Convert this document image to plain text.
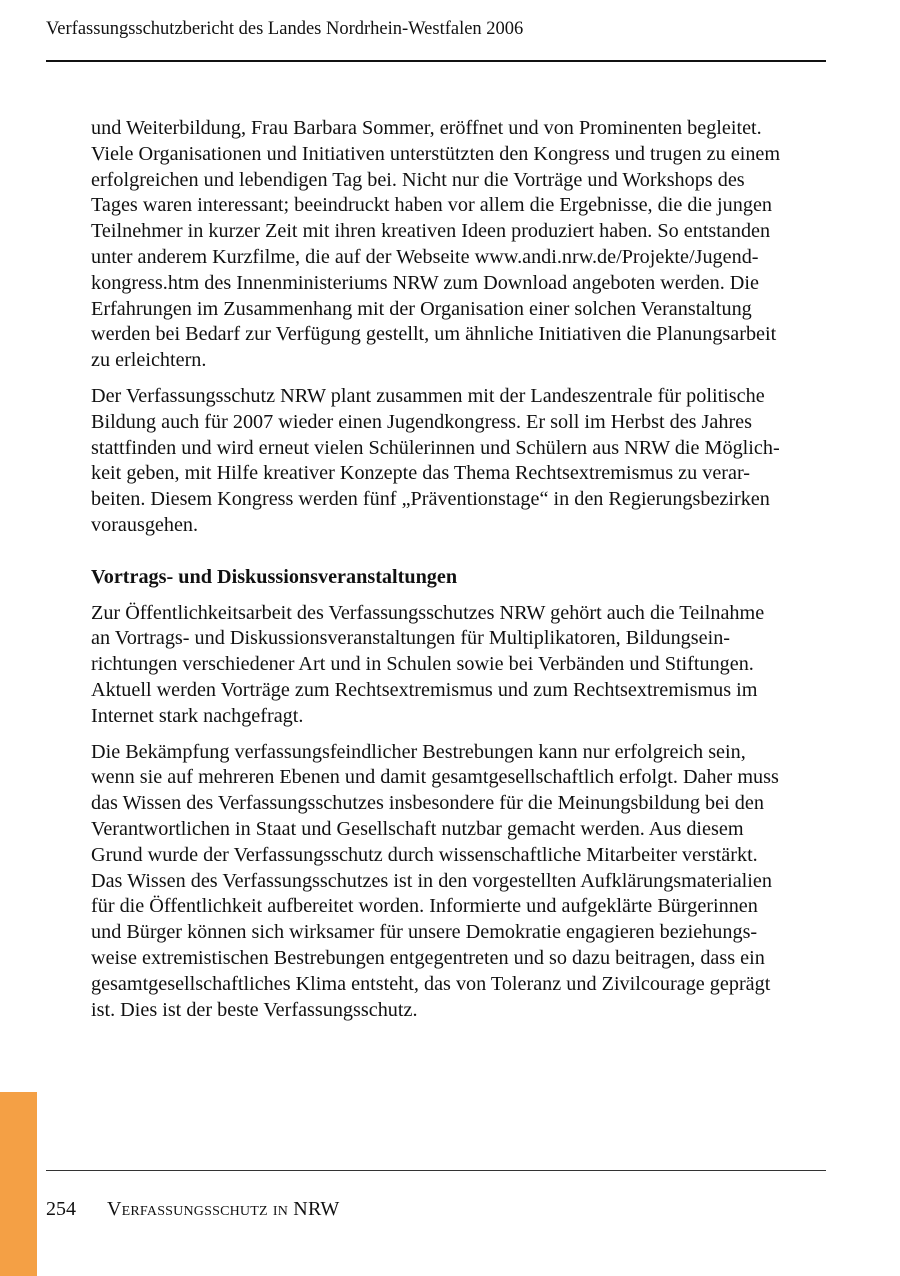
Verfassungsschutzbericht des Landes Nordrhein-Westfalen 2006

und Weiterbildung, Frau Barbara Sommer, eröffnet und von Prominenten begleitet.
Viele Organisationen und Initiativen unterstützten den Kongress und trugen zu einem
erfolgreichen und lebendigen Tag bei. Nicht nur die Vorträge und Workshops des
Tages waren interessant; beeindruckt haben vor allem die Ergebnisse, die die jungen
Teilnehmer in kurzer Zeit mit ihren kreativen Ideen produziert haben. So entstanden
unter anderem Kurzfilme, die auf der Webseite www.andi.nrw.de/Projekte/Jugend-
kongress.htm des Innenministeriums NRW zum Download angeboten werden. Die
Erfahrungen im Zusammenhang mit der Organisation einer solchen Veranstaltung
werden bei Bedarf zur Verfügung gestellt, um ähnliche Initiativen die Planungsarbeit
zu erleichtern.

Der Verfassungsschutz NRW plant zusammen mit der Landeszentrale für politische
Bildung auch für 2007 wieder einen Jugendkongress. Er soll im Herbst des Jahres
stattfinden und wird erneut vielen Schülerinnen und Schülern aus NRW die Möglich-
keit geben, mit Hilfe kreativer Konzepte das Thema Rechtsextremismus zu verar-
beiten. Diesem Kongress werden fünf „Präventionstage“ in den Regierungsbezirken
vorausgehen.

Vortrags- und Diskussionsveranstaltungen

Zur Öffentlichkeitsarbeit des Verfassungsschutzes NRW gehört auch die Teilnahme
an Vortrags- und Diskussionsveranstaltungen für Multiplikatoren, Bildungsein-
richtungen verschiedener Art und in Schulen sowie bei Verbänden und Stiftungen.
Aktuell werden Vorträge zum Rechtsextremismus und zum Rechtsextremismus im
Internet stark nachgefragt.

Die Bekämpfung verfassungsfeindlicher Bestrebungen kann nur erfolgreich sein,
wenn sie auf mehreren Ebenen und damit gesamtgesellschaftlich erfolgt. Daher muss
das Wissen des Verfassungsschutzes insbesondere für die Meinungsbildung bei den
Verantwortlichen in Staat und Gesellschaft nutzbar gemacht werden. Aus diesem
Grund wurde der Verfassungsschutz durch wissenschaftliche Mitarbeiter verstärkt.
Das Wissen des Verfassungsschutzes ist in den vorgestellten Aufklärungsmaterialien
für die Öffentlichkeit aufbereitet worden. Informierte und aufgeklärte Bürgerinnen
und Bürger können sich wirksamer für unsere Demokratie engagieren beziehungs-
weise extremistischen Bestrebungen entgegentreten und so dazu beitragen, dass ein
gesamtgesellschaftliches Klima entsteht, das von Toleranz und Zivilcourage geprägt
ist. Dies ist der beste Verfassungsschutz.

254 Verfassungsschutz in NRW
